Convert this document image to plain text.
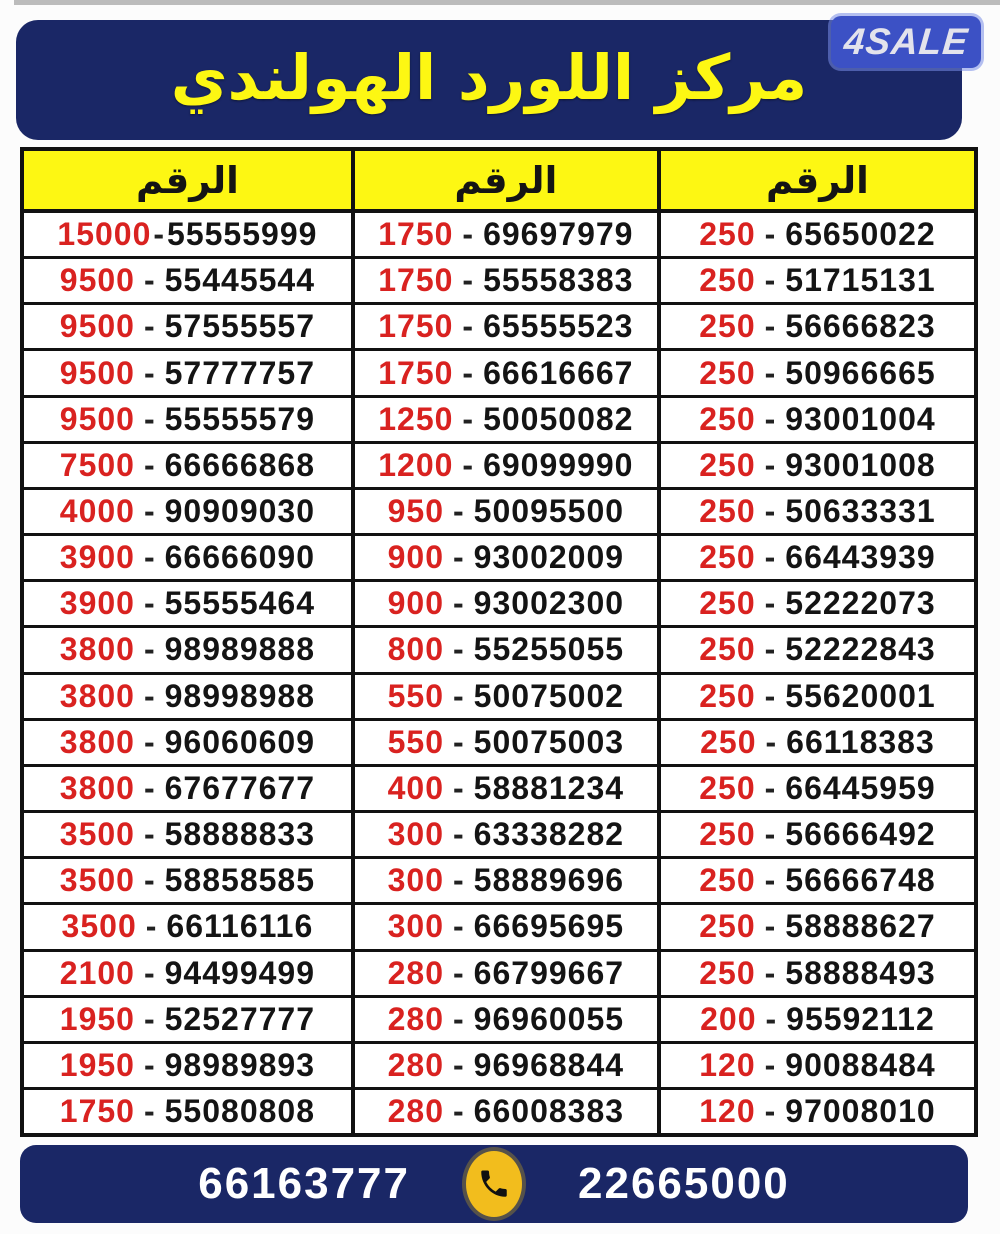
مركز اللورد الهولندي 4SALE
الرقم
15000 - 55555999
9500 - 55445544
9500 - 57555557
9500 - 57777757
9500 - 55555579
7500 - 66666868
4000 - 90909030
3900 - 66666090
3900 - 55555464
3800 - 98989888
3800 - 98998988
3800 - 96060609
3800 - 67677677
3500 - 58888833
3500 - 58858585
3500 - 66116116
2100 - 94499499
1950 - 52527777
1950 - 98989893
1750 - 55080808
الرقم
1750 - 69697979
1750 - 55558383
1750 - 65555523
1750 - 66616667
1250 - 50050082
1200 - 69099990
950 - 50095500
900 - 93002009
900 - 93002300
800 - 55255055
550 - 50075002
550 - 50075003
400 - 58881234
300 - 63338282
300 - 58889696
300 - 66695695
280 - 66799667
280 - 96960055
280 - 96968844
280 - 66008383
الرقم
250 - 65650022
250 - 51715131
250 - 56666823
250 - 50966665
250 - 93001004
250 - 93001008
250 - 50633331
250 - 66443939
250 - 52222073
250 - 52222843
250 - 55620001
250 - 66118383
250 - 66445959
250 - 56666492
250 - 56666748
250 - 58888627
250 - 58888493
200 - 95592112
120 - 90088484
120 - 97008010
66163777	22665000
